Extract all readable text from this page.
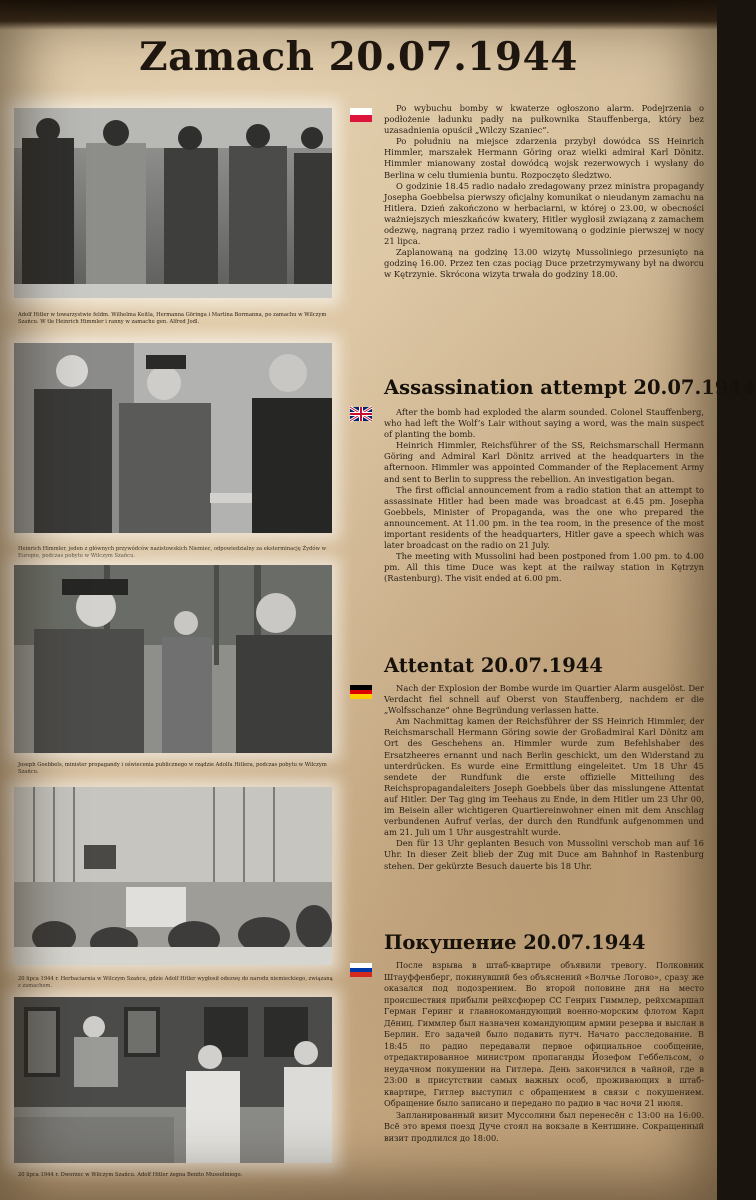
Zamach 20.07.1944
Adolf Hitler w towarzystwie feldm. Wilhelma Keitla, Hermanna Göringa i Martina Bormanna, po zamachu w Wilczym Szańcu. W tle Heinrich Himmler i ranny w zamachu gen. Alfred Jodl.
Heinrich Himmler, jeden z głównych przywódców nazistowskich Niemiec, odpowiedzialny za eksterminację Żydów w Europie, podczas pobytu w Wilczym Szańcu.
Joseph Goebbels, minister propagandy i oświecenia publicznego w rządzie Adolfa Hitlera, podczas pobytu w Wilczym Szańcu.
20 lipca 1944 r. Herbaciarnia w Wilczym Szańcu, gdzie Adolf Hitler wygłosił odezwę do narodu niemieckiego, związaną z zamachem.
20 lipca 1944 r. Dworzec w Wilczym Szańcu. Adolf Hitler żegna Benito Mussoliniego.

Po wybuchu bomby w kwaterze ogłoszono alarm. Podejrzenia o podłożenie ładunku padły na pułkownika Stauffenberga, który bez uzasadnienia opuścił „Wilczy Szaniec”.

Po południu na miejsce zdarzenia przybył dowódca SS Heinrich Himmler, marszałek Hermann Göring oraz wielki admirał Karl Dönitz. Himmler mianowany został dowódcą wojsk rezerwowych i wysłany do Berlina w celu tłumienia buntu. Rozpoczęto śledztwo.

O godzinie 18.45 radio nadało zredagowany przez ministra propagandy Josepha Goebbelsa pierwszy oficjalny komunikat o nieudanym zamachu na Hitlera. Dzień zakończono w herbaciarni, w której o 23.00, w obecności ważniejszych mieszkańców kwatery, Hitler wygłosił związaną z zamachem odezwę, nagraną przez radio i wyemitowaną o godzinie pierwszej w nocy 21 lipca.

Zaplanowaną na godzinę 13.00 wizytę Mussoliniego przesunięto na godzinę 16.00. Przez ten czas pociąg Duce przetrzymywany był na dworcu w Kętrzynie. Skrócona wizyta trwała do godziny 18.00.

Assassination attempt 20.07.1944

After the bomb had exploded the alarm sounded. Colonel Stauffenberg, who had left the Wolf’s Lair without saying a word, was the main suspect of planting the bomb.

Heinrich Himmler, Reichsführer of the SS, Reichsmarschall Hermann Göring and Admiral Karl Dönitz arrived at the headquarters in the afternoon. Himmler was appointed Commander of the Replacement Army and sent to Berlin to suppress the rebellion. An investigation began.

The first official announcement from a radio station that an attempt to assassinate Hitler had been made was broadcast at 6.45 pm. Josepha Goebbels, Minister of Propaganda, was the one who prepared the announcement. At 11.00 pm. in the tea room, in the presence of the most important residents of the headquarters, Hitler gave a speech which was later broadcast on the radio on 21 July.

The meeting with Mussolini had been postponed from 1.00 pm. to 4.00 pm. All this time Duce was kept at the railway station in Kętrzyn (Rastenburg). The visit ended at 6.00 pm.

Attentat 20.07.1944

Nach der Explosion der Bombe wurde im Quartier Alarm ausgelöst. Der Verdacht fiel schnell auf Oberst von Stauffenberg, nachdem er die „Wolfsschanze” ohne Begründung verlassen hatte.

Am Nachmittag kamen der Reichsführer der SS Heinrich Himmler, der Reichsmarschall Hermann Göring sowie der Großadmiral Karl Dönitz am Ort des Geschehens an. Himmler wurde zum Befehlshaber des Ersatzheeres ernannt und nach Berlin geschickt, um den Widerstand zu unterdrücken. Es wurde eine Ermittlung eingeleitet. Um 18 Uhr 45 sendete der Rundfunk die erste offizielle Mitteilung des Reichspropagandaleiters Joseph Goebbels über das misslungene Attentat auf Hitler. Der Tag ging im Teehaus zu Ende, in dem Hitler um 23 Uhr 00, im Beisein aller wichtigeren Quartiereinwohner einen mit dem Anschlag verbundenen Aufruf verlas, der durch den Rundfunk aufgenommen und am 21. Juli um 1 Uhr ausgestrahlt wurde.

Den für 13 Uhr geplanten Besuch von Mussolini verschob man auf 16 Uhr. In dieser Zeit blieb der Zug mit Duce am Bahnhof in Rastenburg stehen. Der gekürzte Besuch dauerte bis 18 Uhr.

Покушение 20.07.1944

После взрыва в штаб-квартире объявили тревогу. Полковник Штауффенберг, покинувший без объяснений «Волчье Логово», сразу же оказался под подозрением. Во второй половине дня на место происшествия прибыли рейхсфюрер СС Генрих Гиммлер, рейхсмаршал Герман Геринг и главнокомандующий военно-морским флотом Карл Дёниц. Гиммлер был назначен командующим армии резерва и выслан в Берлин. Его задачей было подавить путч. Начато расследование. В 18:45 по радио передавали первое официальное сообщение, отредактированное министром пропаганды Йозефом Геббельсом, о неудачном покушении на Гитлера. День закончился в чайной, где в 23:00 в присутствии самых важных особ, проживающих в штаб-квартире, Гитлер выступил с обращением в связи с покушением. Обращение было записано и передано по радио в час ночи 21 июля.

Запланированный визит Муссолини был перенесён с 13:00 на 16:00. Всё это время поезд Дуче стоял на вокзале в Кентшине. Сокращенный визит продлился до 18:00.
